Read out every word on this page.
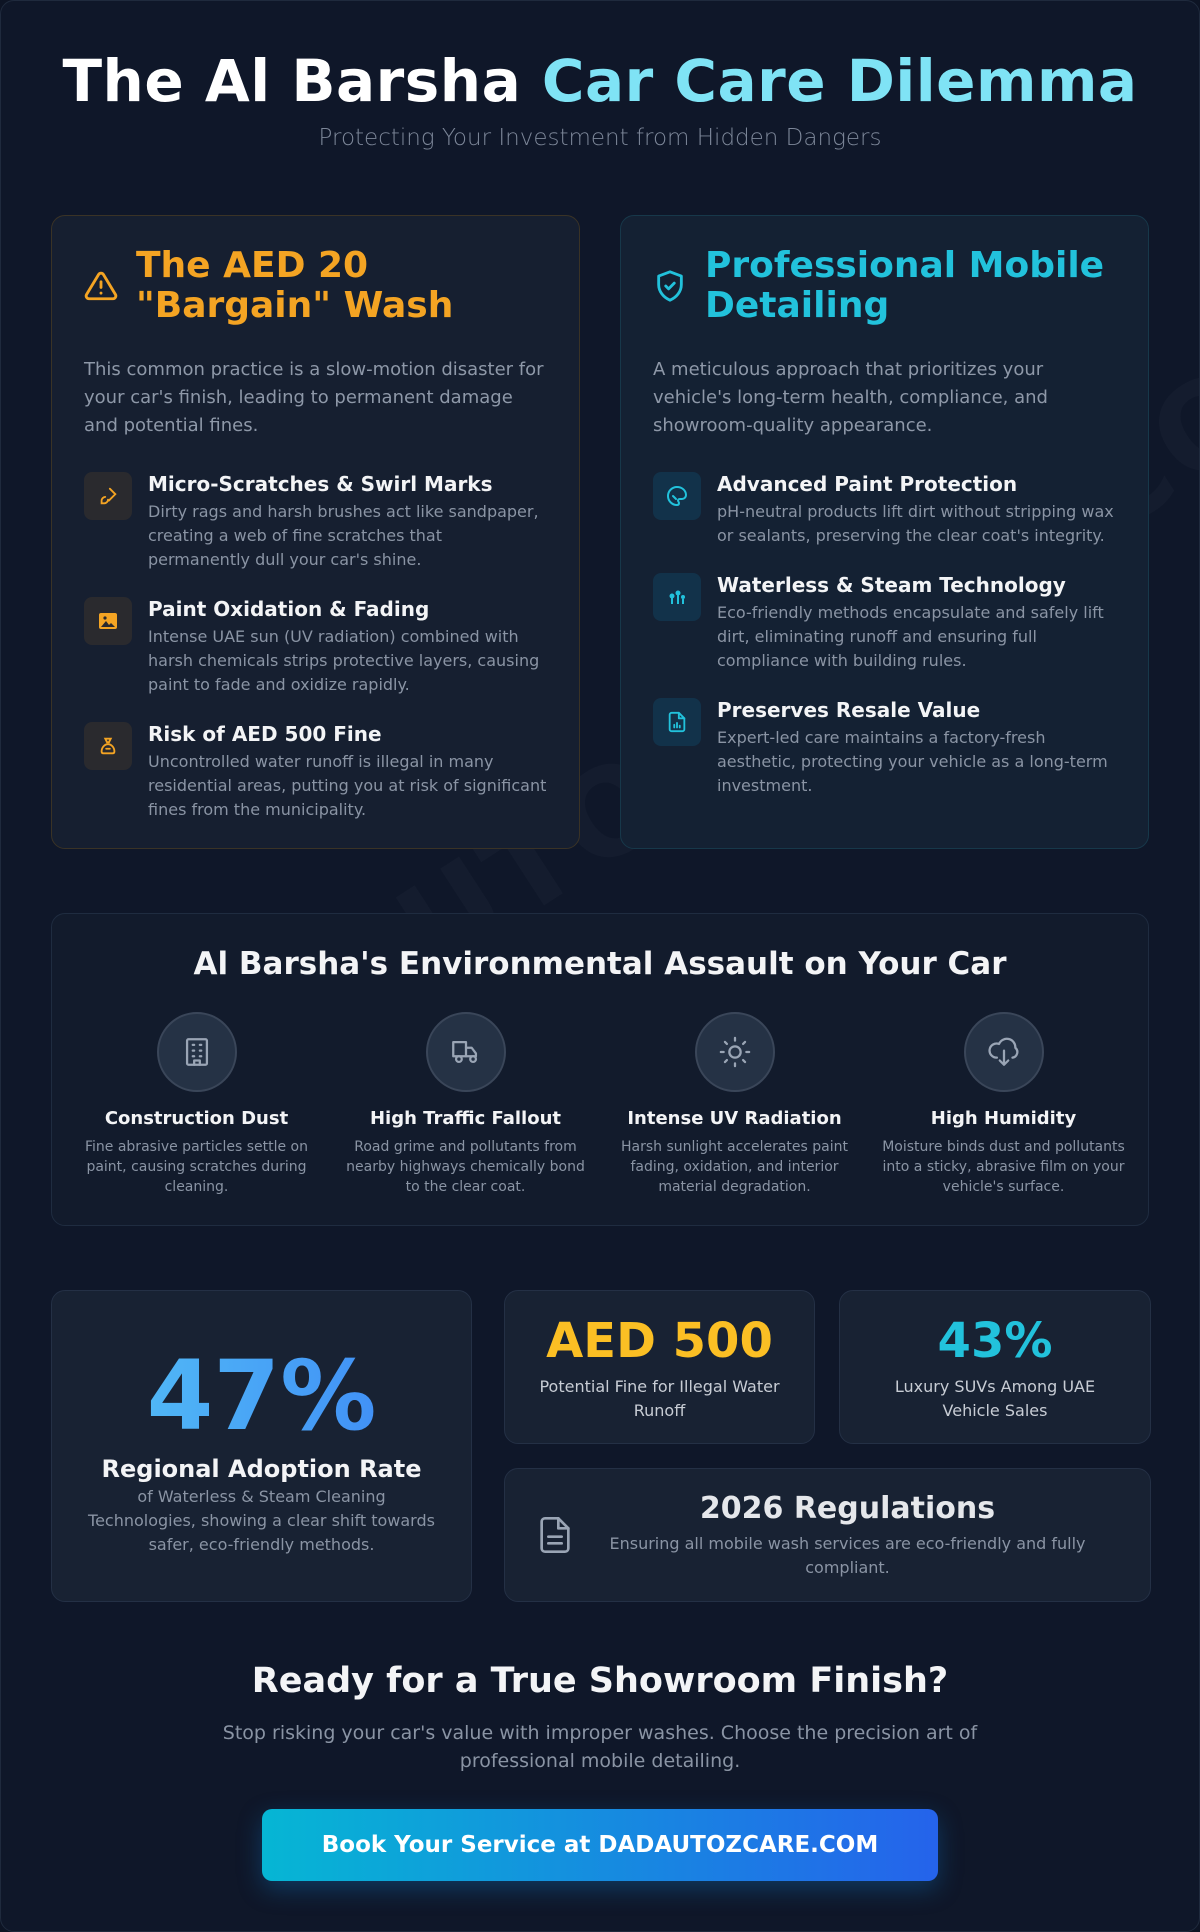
The Al Barsha Car Care Dilemma
Protecting Your Investment from Hidden Dangers
The AED 20 "Bargain" Wash

This common practice is a slow-motion disaster for your car's finish, leading to permanent damage and potential fines.

Micro-Scratches & Swirl Marks
Dirty rags and harsh brushes act like sandpaper, creating a web of fine scratches that permanently dull your car's shine.
Paint Oxidation & Fading
Intense UAE sun (UV radiation) combined with harsh chemicals strips protective layers, causing paint to fade and oxidize rapidly.
Risk of AED 500 Fine
Uncontrolled water runoff is illegal in many residential areas, putting you at risk of significant fines from the municipality.
Professional Mobile Detailing

A meticulous approach that prioritizes your vehicle's long-term health, compliance, and showroom-quality appearance.

Advanced Paint Protection
pH-neutral products lift dirt without stripping wax or sealants, preserving the clear coat's integrity.
Waterless & Steam Technology
Eco-friendly methods encapsulate and safely lift dirt, eliminating runoff and ensuring full compliance with building rules.
Preserves Resale Value
Expert-led care maintains a factory-fresh aesthetic, protecting your vehicle as a long-term investment.
Al Barsha's Environmental Assault on Your Car
Construction Dust
Fine abrasive particles settle on paint, causing scratches during cleaning.
High Traffic Fallout
Road grime and pollutants from nearby highways chemically bond to the clear coat.
Intense UV Radiation
Harsh sunlight accelerates paint fading, oxidation, and interior material degradation.
High Humidity
Moisture binds dust and pollutants into a sticky, abrasive film on your vehicle's surface.
47%
Regional Adoption Rate
of Waterless & Steam Cleaning Technologies, showing a clear shift towards safer, eco-friendly methods.
AED 500
Potential Fine for Illegal Water Runoff
43%
Luxury SUVs Among UAE Vehicle Sales
2026 Regulations
Ensuring all mobile wash services are eco-friendly and fully compliant.
Ready for a True Showroom Finish?
Stop risking your car's value with improper washes. Choose the precision art of professional mobile detailing.
Book Your Service at DADAUTOZCARE.COM
